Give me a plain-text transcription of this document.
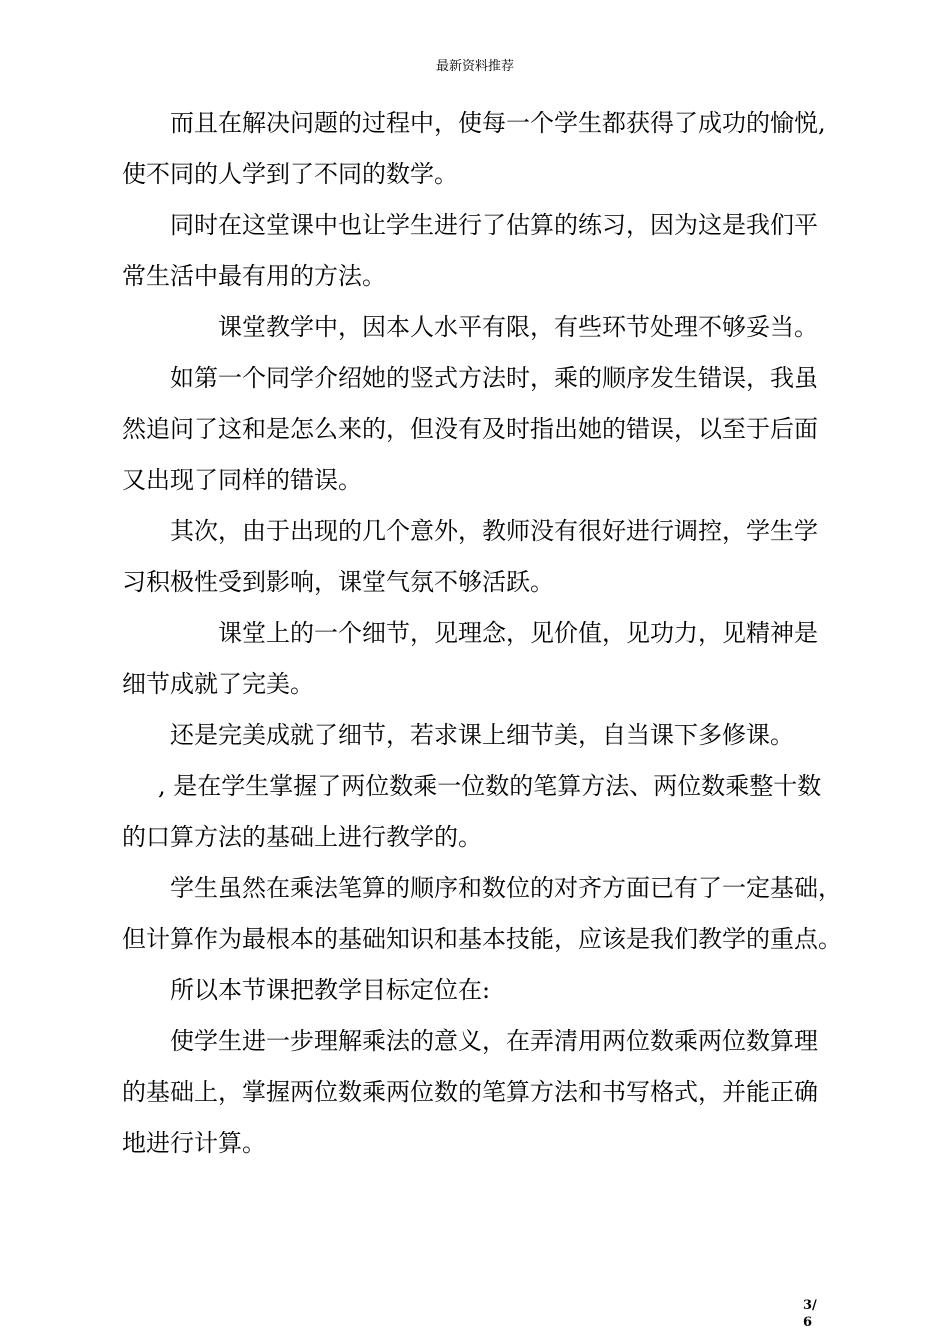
最新资料推荐
而且在解决问题的过程中，使每一个学生都获得了成功的愉悦,
使不同的人学到了不同的数学。
同时在这堂课中也让学生进行了估算的练习，因为这是我们平
常生活中最有用的方法。
课堂教学中，因本人水平有限，有些环节处理不够妥当。
如第一个同学介绍她的竖式方法时，乘的顺序发生错误，我虽
然追问了这和是怎么来的，但没有及时指出她的错误，以至于后面
又出现了同样的错误。
其次，由于出现的几个意外，教师没有很好进行调控，学生学
习积极性受到影响，课堂气氛不够活跃。
课堂上的一个细节，见理念，见价值，见功力，见精神是
细节成就了完美。
还是完美成就了细节，若求课上细节美，自当课下多修课。
, 是在学生掌握了两位数乘一位数的笔算方法、两位数乘整十数
的口算方法的基础上进行教学的。
学生虽然在乘法笔算的顺序和数位的对齐方面已有了一定基础，
但计算作为最根本的基础知识和基本技能，应该是我们教学的重点。
所以本节课把教学目标定位在:
使学生进一步理解乘法的意义，在弄清用两位数乘两位数算理
的基础上，掌握两位数乘两位数的笔算方法和书写格式，并能正确
地进行计算。
3/
6
